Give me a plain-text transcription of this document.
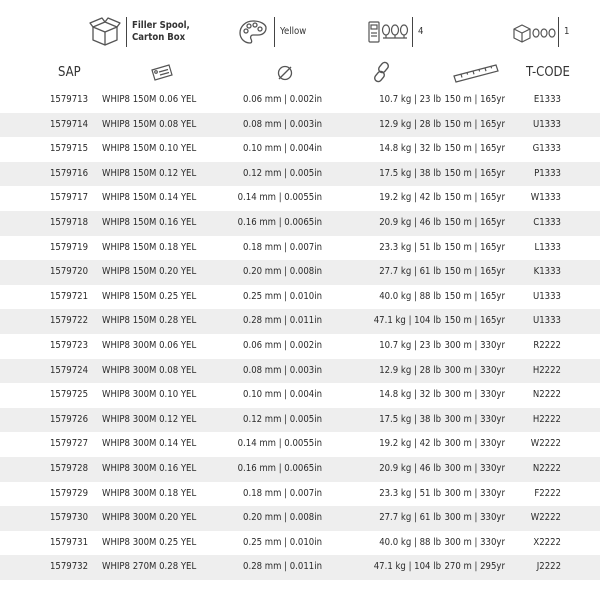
Filler Spool,
Carton Box
Yellow	4	1
SAP	T-CODE
1579713 WHIP8 150M 0.06 YEL	0.06 mm | 0.002in	10.7 kg | 23 lb 150 m | 165yr	E1333
1579714 WHIP8 150M 0.08 YEL	0.08 mm | 0.003in	12.9 kg | 28 lb 150 m | 165yr	U1333
1579715 WHIP8 150M 0.10 YEL	0.10 mm | 0.004in	14.8 kg | 32 lb 150 m | 165yr	G1333
1579716 WHIP8 150M 0.12 YEL	0.12 mm | 0.005in	17.5 kg | 38 lb 150 m | 165yr	P1333
1579717 WHIP8 150M 0.14 YEL	0.14 mm | 0.0055in	19.2 kg | 42 lb 150 m | 165yr	W1333
1579718 WHIP8 150M 0.16 YEL	0.16 mm | 0.0065in	20.9 kg | 46 lb 150 m | 165yr	C1333
1579719 WHIP8 150M 0.18 YEL	0.18 mm | 0.007in	23.3 kg | 51 lb 150 m | 165yr	L1333
1579720 WHIP8 150M 0.20 YEL	0.20 mm | 0.008in	27.7 kg | 61 lb 150 m | 165yr	K1333
1579721 WHIP8 150M 0.25 YEL	0.25 mm | 0.010in	40.0 kg | 88 lb 150 m | 165yr	U1333
1579722 WHIP8 150M 0.28 YEL	0.28 mm | 0.011in	47.1 kg | 104 lb 150 m | 165yr	U1333
1579723 WHIP8 300M 0.06 YEL	0.06 mm | 0.002in	10.7 kg | 23 lb 300 m | 330yr	R2222
1579724 WHIP8 300M 0.08 YEL	0.08 mm | 0.003in	12.9 kg | 28 lb 300 m | 330yr	H2222
1579725 WHIP8 300M 0.10 YEL	0.10 mm | 0.004in	14.8 kg | 32 lb 300 m | 330yr	N2222
1579726 WHIP8 300M 0.12 YEL	0.12 mm | 0.005in	17.5 kg | 38 lb 300 m | 330yr	H2222
1579727 WHIP8 300M 0.14 YEL	0.14 mm | 0.0055in	19.2 kg | 42 lb 300 m | 330yr	W2222
1579728 WHIP8 300M 0.16 YEL	0.16 mm | 0.0065in	20.9 kg | 46 lb 300 m | 330yr	N2222
1579729 WHIP8 300M 0.18 YEL	0.18 mm | 0.007in	23.3 kg | 51 lb 300 m | 330yr	F2222
1579730 WHIP8 300M 0.20 YEL	0.20 mm | 0.008in	27.7 kg | 61 lb 300 m | 330yr	W2222
1579731 WHIP8 300M 0.25 YEL	0.25 mm | 0.010in	40.0 kg | 88 lb 300 m | 330yr	X2222
1579732 WHIP8 270M 0.28 YEL	0.28 mm | 0.011in	47.1 kg | 104 lb 270 m | 295yr	J2222
